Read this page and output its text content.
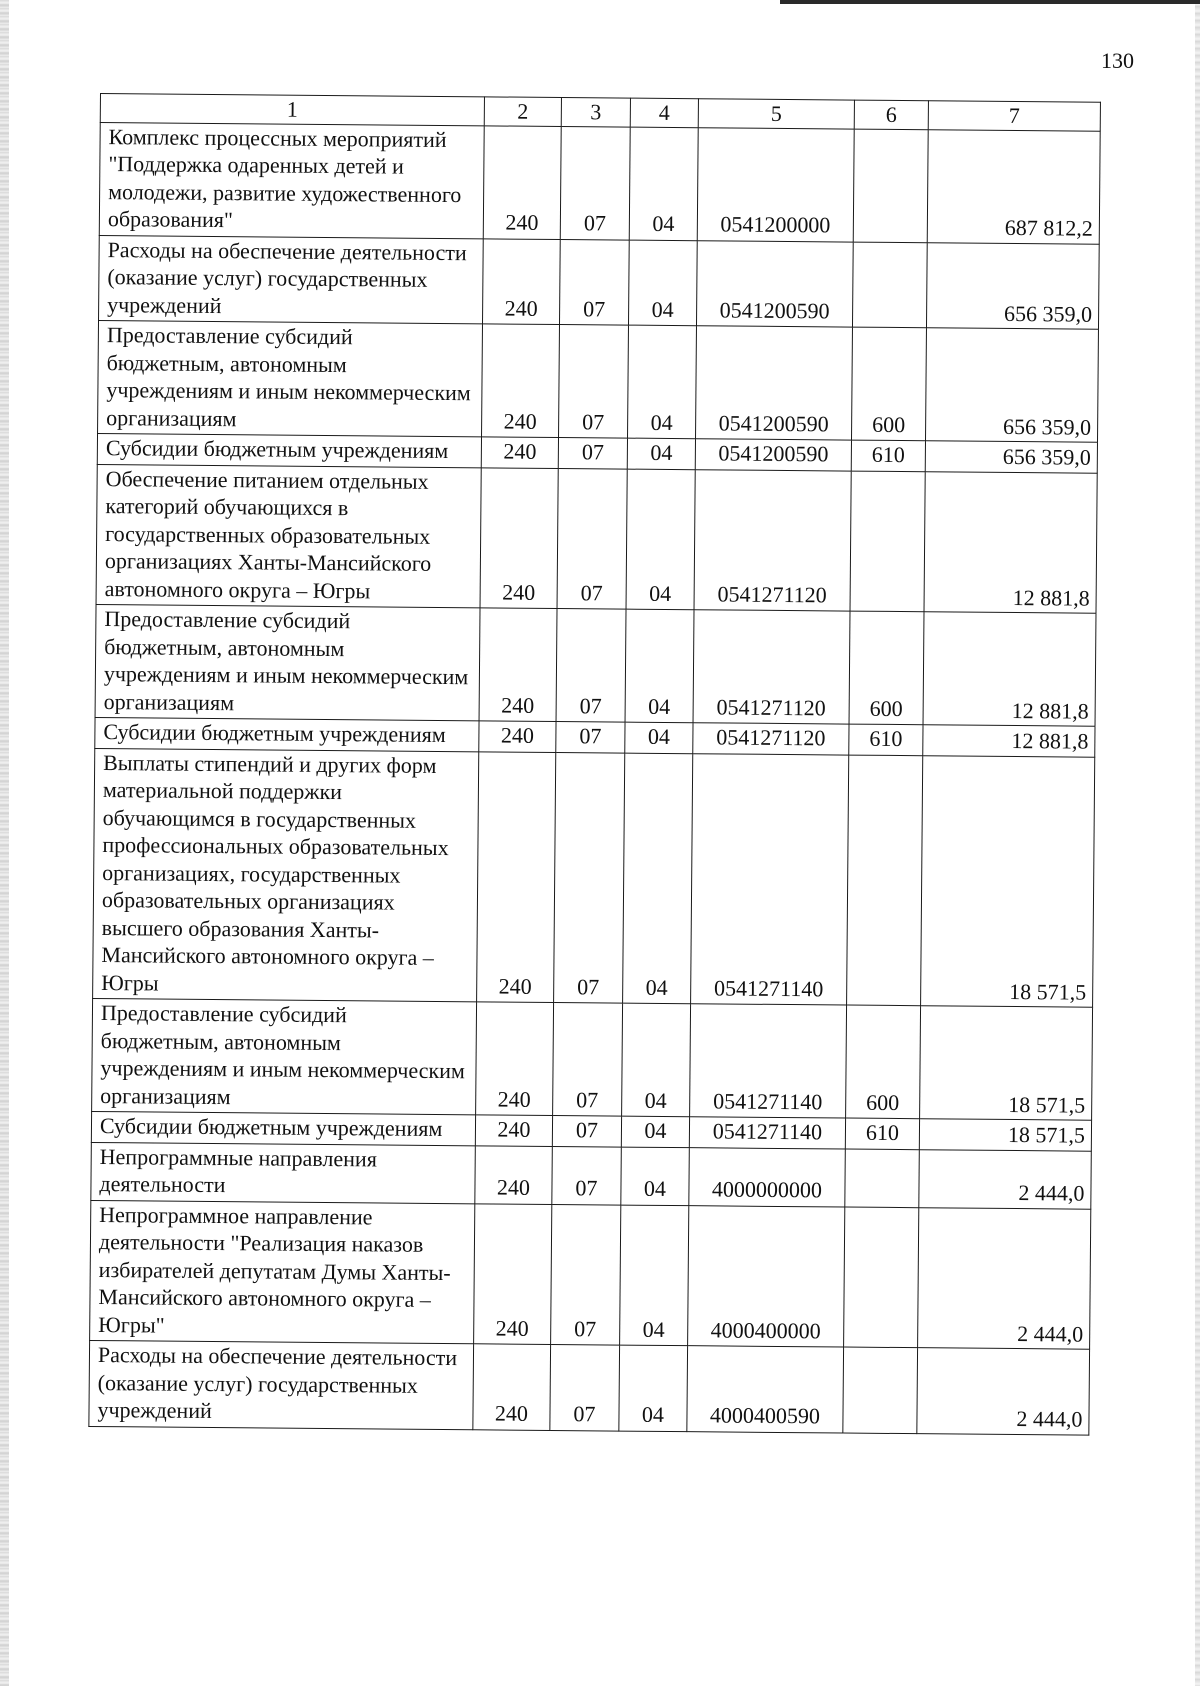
130
1	2	3	4	5	6	7
Комплекс процессных мероприятий "Поддержка одаренных детей и молодежи, развитие художественного образования"	240	07	04	0541200000		687 812,2
Расходы на обеспечение деятельности (оказание услуг) государственных учреждений	240	07	04	0541200590		656 359,0
Предоставление субсидий бюджетным, автономным учреждениям и иным некоммерческим организациям	240	07	04	0541200590	600	656 359,0
Субсидии бюджетным учреждениям	240	07	04	0541200590	610	656 359,0
Обеспечение питанием отдельных категорий обучающихся в государственных образовательных организациях Ханты-Мансийского автономного округа – Югры	240	07	04	0541271120		12 881,8
Предоставление субсидий бюджетным, автономным учреждениям и иным некоммерческим организациям	240	07	04	0541271120	600	12 881,8
Субсидии бюджетным учреждениям	240	07	04	0541271120	610	12 881,8
Выплаты стипендий и других форм материальной поддержки обучающимся в государственных профессиональных образовательных организациях, государственных образовательных организациях высшего образования Ханты-Мансийского автономного округа – Югры	240	07	04	0541271140		18 571,5
Предоставление субсидий бюджетным, автономным учреждениям и иным некоммерческим организациям	240	07	04	0541271140	600	18 571,5
Субсидии бюджетным учреждениям	240	07	04	0541271140	610	18 571,5
Непрограммные направления деятельности	240	07	04	4000000000		2 444,0
Непрограммное направление деятельности "Реализация наказов избирателей депутатам Думы Ханты-Мансийского автономного округа – Югры"	240	07	04	4000400000		2 444,0
Расходы на обеспечение деятельности (оказание услуг) государственных учреждений	240	07	04	4000400590		2 444,0
